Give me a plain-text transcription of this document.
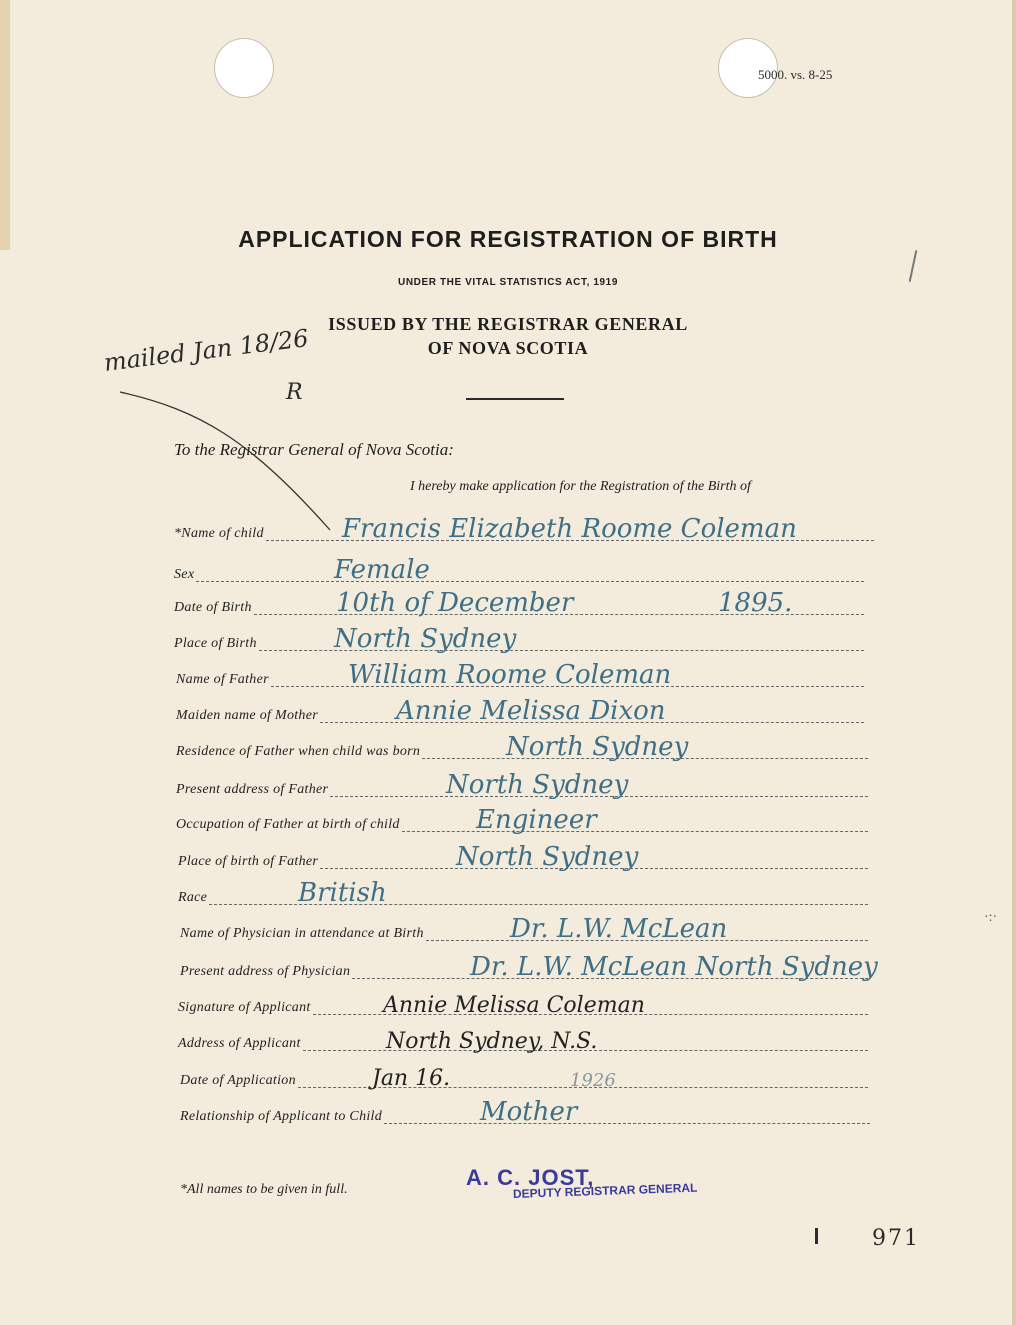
5000. vs. 8-25
APPLICATION FOR REGISTRATION OF BIRTH
UNDER THE VITAL STATISTICS ACT, 1919
ISSUED BY THE REGISTRAR GENERAL
OF NOVA SCOTIA
mailed Jan 18/26
R
To the Registrar General of Nova Scotia:
I hereby make application for the Registration of the Birth of
*Name of child	Francis Elizabeth Roome Coleman
Sex	Female
Date of Birth	10th of December	1895.
Place of Birth	North Sydney
Name of Father	William Roome Coleman
Maiden name of Mother	Annie Melissa Dixon
Residence of Father when child was born	North Sydney
Present address of Father	North Sydney
Occupation of Father at birth of child	Engineer
Place of birth of Father	North Sydney
Race	British
Name of Physician in attendance at Birth	Dr. L.W. McLean
Present address of Physician	Dr. L.W. McLean North Sydney
Signature of Applicant	Annie Melissa Coleman
Address of Applicant	North Sydney, N.S.
Date of Application	Jan 16.	1926
Relationship of Applicant to Child	Mother
*All names to be given in full.	A. C. JOST,
DEPUTY REGISTRAR GENERAL
971
·:·
